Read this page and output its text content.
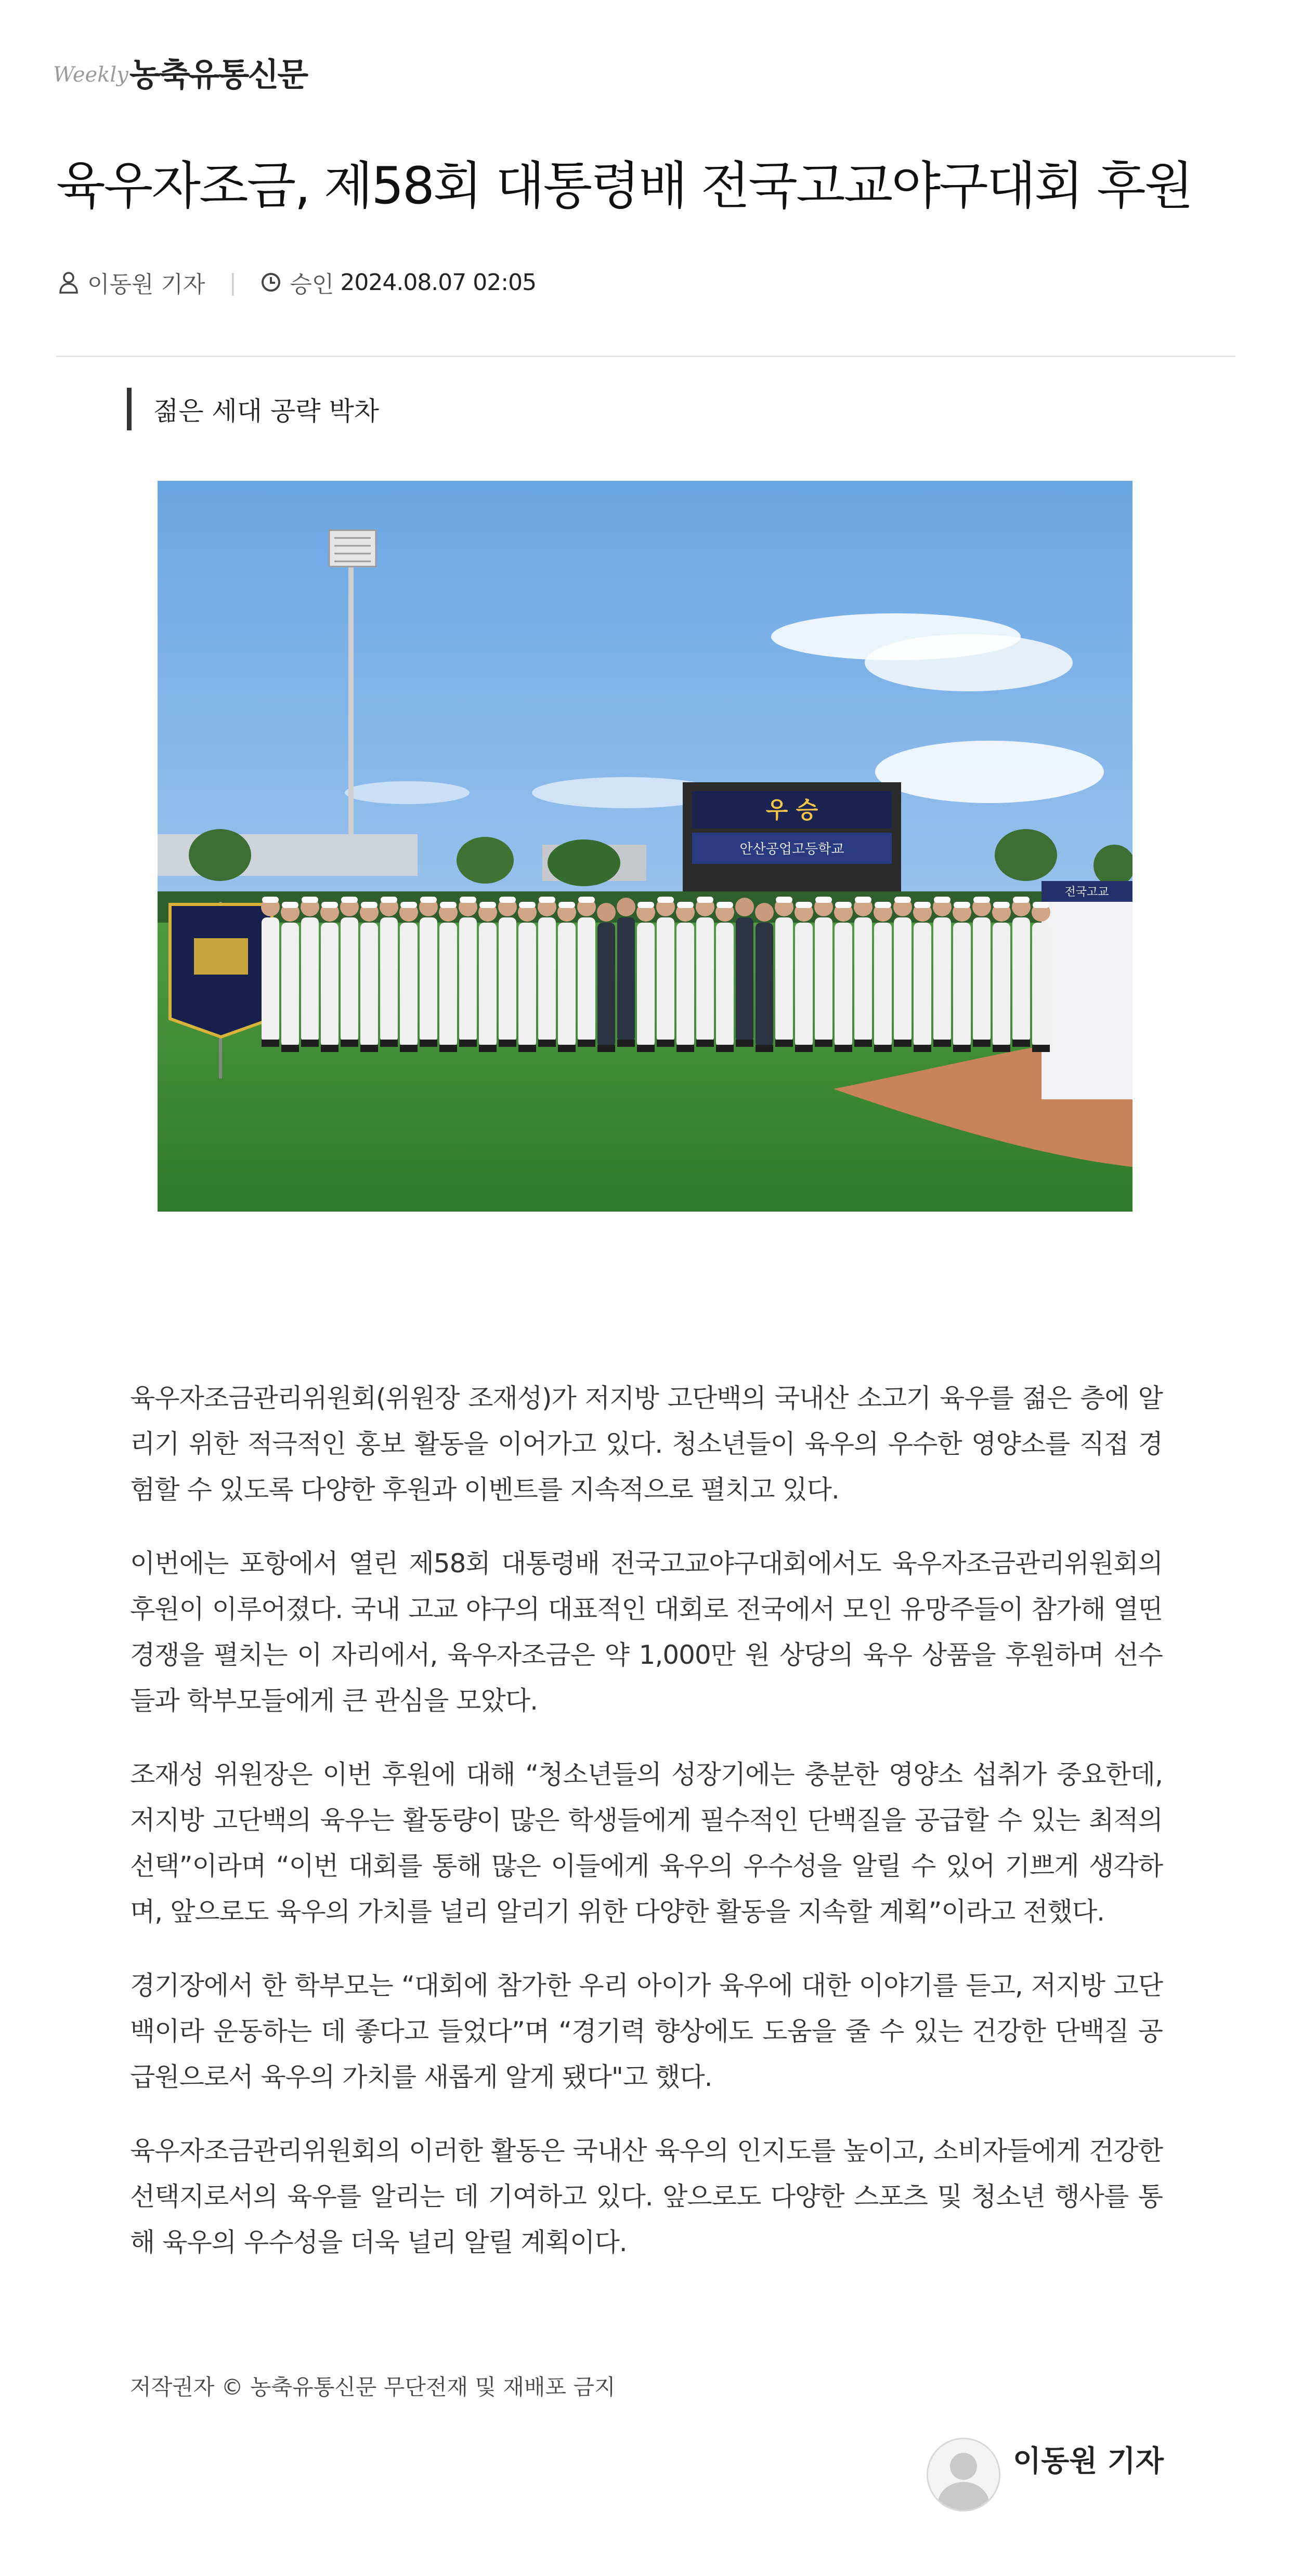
Weekly 농축유통신문
육우자조금, 제58회 대통령배 전국고교야구대회 후원
이동원 기자 | 승인 2024.08.07 02:05
젊은 세대 공략 박차
우 승
안산공업고등학교
전국고교

육우자조금관리위원회(위원장 조재성)가 저지방 고단백의 국내산 소고기 육우를 젊은 층에 알리기 위한 적극적인 홍보 활동을 이어가고 있다. 청소년들이 육우의 우수한 영양소를 직접 경험할 수 있도록 다양한 후원과 이벤트를 지속적으로 펼치고 있다.

이번에는 포항에서 열린 제58회 대통령배 전국고교야구대회에서도 육우자조금관리위원회의 후원이 이루어졌다. 국내 고교 야구의 대표적인 대회로 전국에서 모인 유망주들이 참가해 열띤 경쟁을 펼치는 이 자리에서, 육우자조금은 약 1,000만 원 상당의 육우 상품을 후원하며 선수들과 학부모들에게 큰 관심을 모았다.

조재성 위원장은 이번 후원에 대해 “청소년들의 성장기에는 충분한 영양소 섭취가 중요한데, 저지방 고단백의 육우는 활동량이 많은 학생들에게 필수적인 단백질을 공급할 수 있는 최적의 선택”이라며 “이번 대회를 통해 많은 이들에게 육우의 우수성을 알릴 수 있어 기쁘게 생각하며, 앞으로도 육우의 가치를 널리 알리기 위한 다양한 활동을 지속할 계획”이라고 전했다.

경기장에서 한 학부모는 “대회에 참가한 우리 아이가 육우에 대한 이야기를 듣고, 저지방 고단백이라 운동하는 데 좋다고 들었다”며 “경기력 향상에도 도움을 줄 수 있는 건강한 단백질 공급원으로서 육우의 가치를 새롭게 알게 됐다"고 했다.

육우자조금관리위원회의 이러한 활동은 국내산 육우의 인지도를 높이고, 소비자들에게 건강한 선택지로서의 육우를 알리는 데 기여하고 있다. 앞으로도 다양한 스포츠 및 청소년 행사를 통해 육우의 우수성을 더욱 널리 알릴 계획이다.

저작권자 © 농축유통신문 무단전재 및 재배포 금지
이동원 기자
